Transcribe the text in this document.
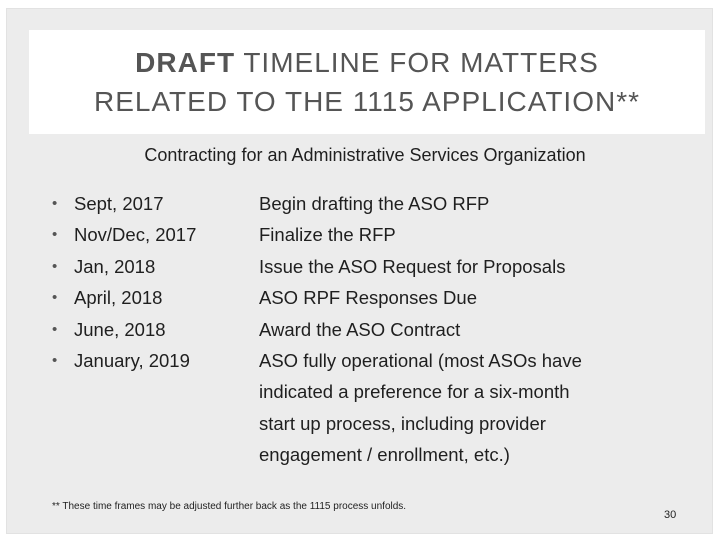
DRAFT TIMELINE FOR MATTERS
RELATED TO THE 1115 APPLICATION**
Contracting for an Administrative Services Organization
• Sept, 2017
• Nov/Dec, 2017
• Jan, 2018
• April, 2018
• June, 2018
• January, 2019
Begin drafting the ASO RFP
Finalize the RFP
Issue the ASO Request for Proposals
ASO RPF Responses Due
Award the ASO Contract
ASO fully operational (most ASOs have
indicated a preference for a six-month
start up process, including provider
engagement / enrollment, etc.)
** These time frames may be adjusted further back as the 1115 process unfolds.
30
